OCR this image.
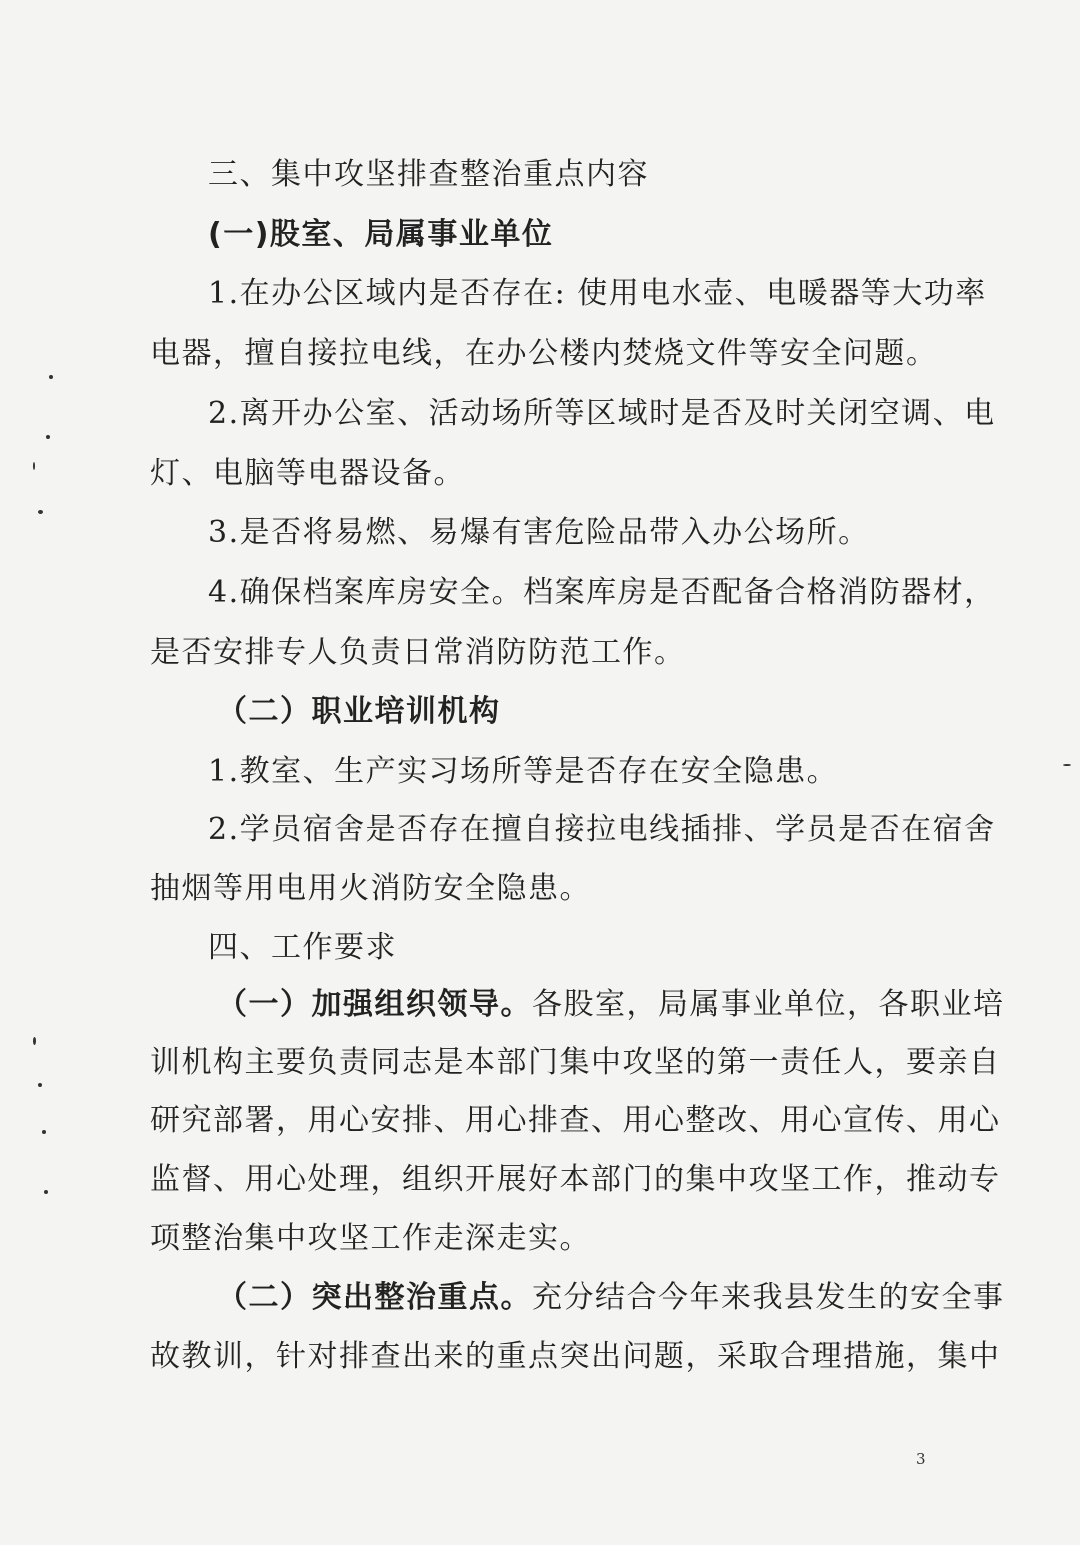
三、集中攻坚排查整治重点内容
(一)股室、局属事业单位
1.在办公区域内是否存在: 使用电水壶、电暖器等大功率
电器，擅自接拉电线，在办公楼内焚烧文件等安全问题。
2.离开办公室、活动场所等区域时是否及时关闭空调、电
灯、电脑等电器设备。
3.是否将易燃、易爆有害危险品带入办公场所。
4.确保档案库房安全。档案库房是否配备合格消防器材，
是否安排专人负责日常消防防范工作。
（二）职业培训机构
1.教室、生产实习场所等是否存在安全隐患。
2.学员宿舍是否存在擅自接拉电线插排、学员是否在宿舍
抽烟等用电用火消防安全隐患。
四、工作要求
（一）加强组织领导。各股室，局属事业单位，各职业培
训机构主要负责同志是本部门集中攻坚的第一责任人，要亲自
研究部署，用心安排、用心排查、用心整改、用心宣传、用心
监督、用心处理，组织开展好本部门的集中攻坚工作，推动专
项整治集中攻坚工作走深走实。
（二）突出整治重点。充分结合今年来我县发生的安全事
故教训，针对排查出来的重点突出问题，采取合理措施，集中
3
